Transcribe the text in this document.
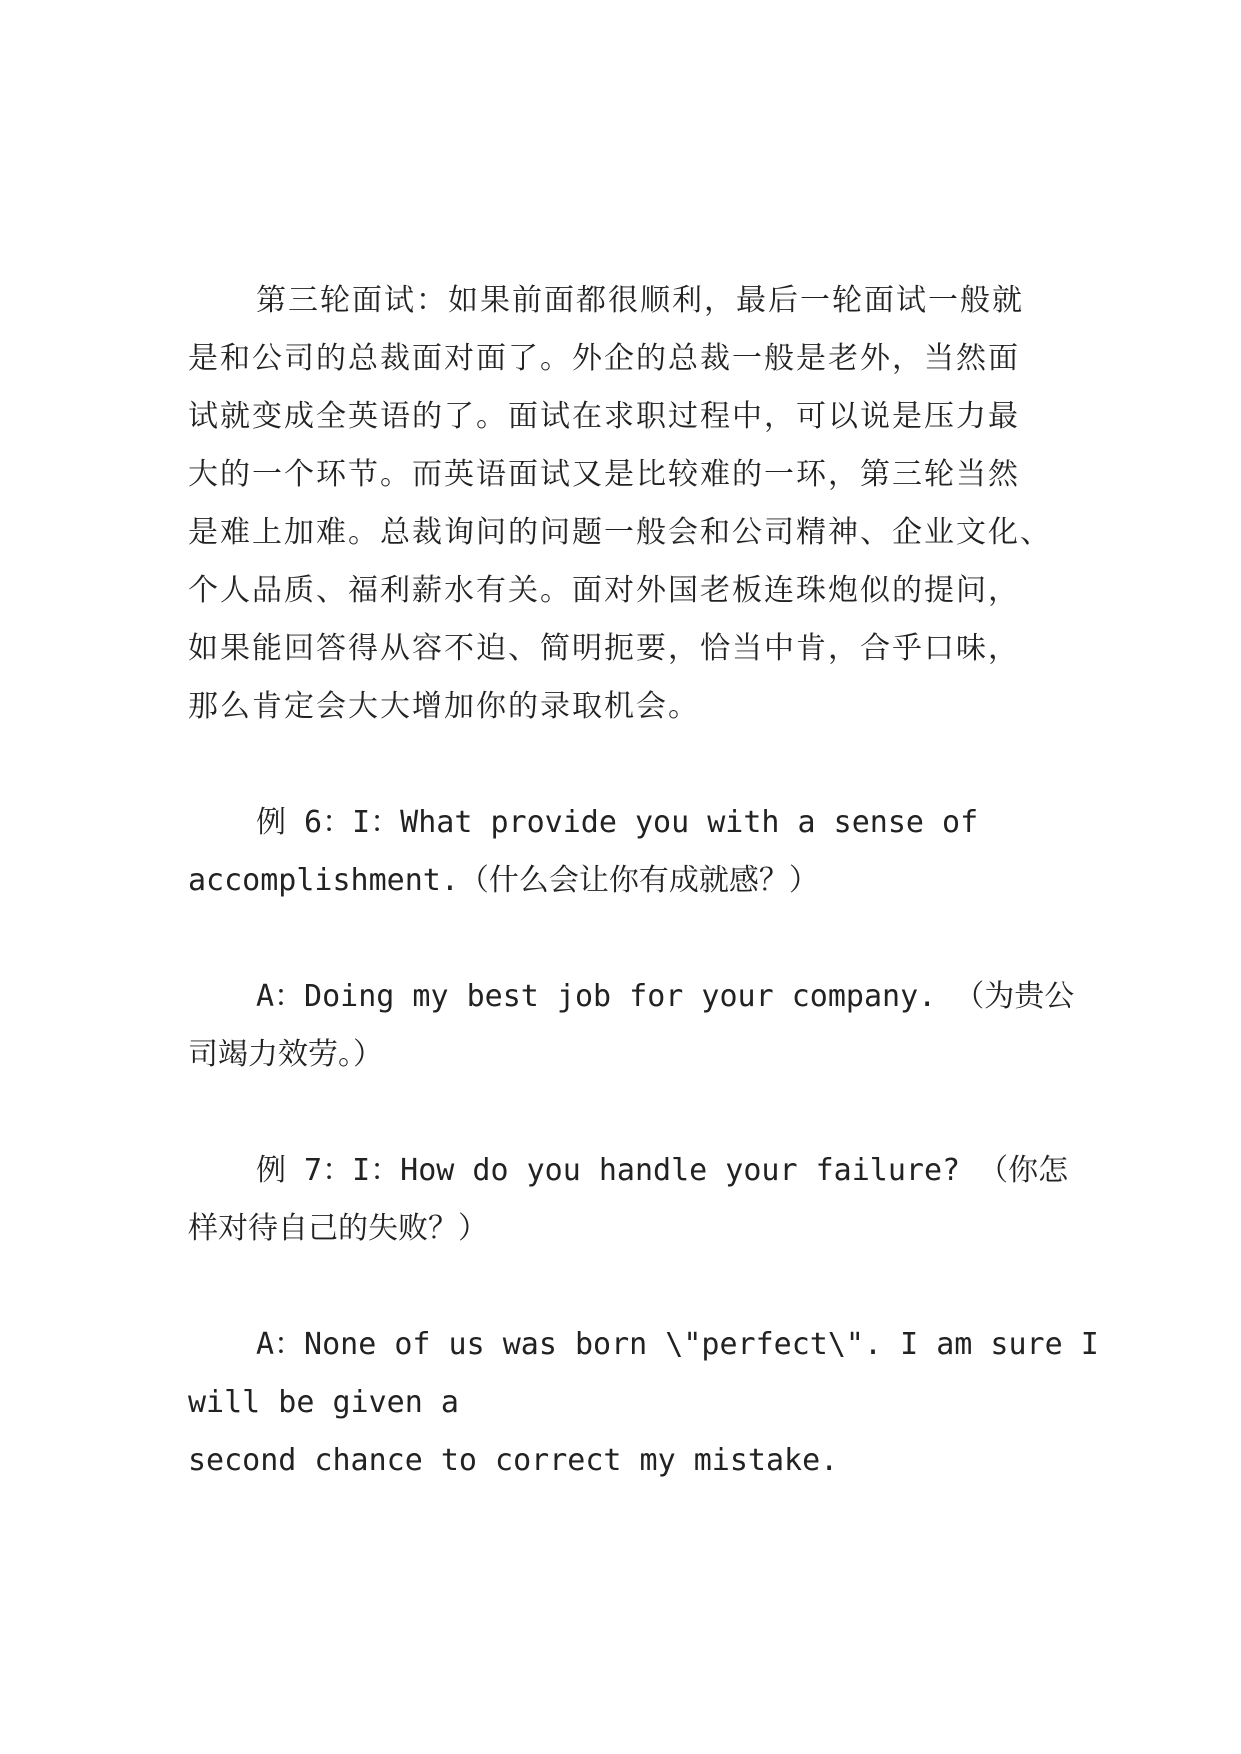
第三轮面试：如果前面都很顺利，最后一轮面试一般就
是和公司的总裁面对面了。外企的总裁一般是老外，当然面
试就变成全英语的了。面试在求职过程中，可以说是压力最
大的一个环节。而英语面试又是比较难的一环，第三轮当然
是难上加难。总裁询问的问题一般会和公司精神、企业文化、
个人品质、福利薪水有关。面对外国老板连珠炮似的提问，
如果能回答得从容不迫、简明扼要，恰当中肯，合乎口味，
那么肯定会大大增加你的录取机会。

例 6：I：What provide you with a sense of
accomplishment.（什么会让你有成就感？）

A：Doing my best job for your company. （为贵公
司竭力效劳。）

例 7：I：How do you handle your failure? （你怎
样对待自己的失败？）

A：None of us was born \"perfect\". I am sure I
will be given a
second chance to correct my mistake.
